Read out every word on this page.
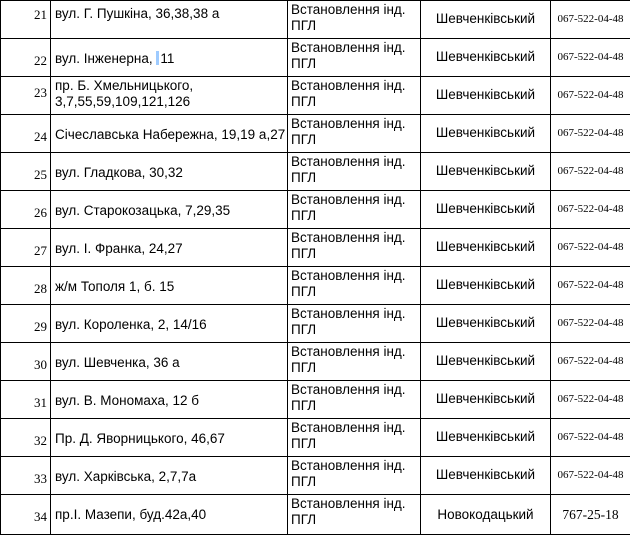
21	вул. Г. Пушкіна, 36,38,38 а	Встановлення інд.
ПГЛ	Шевченківський	067-522-04-48
22	вул. Інженерна, 11	Встановлення інд.
ПГЛ	Шевченківський	067-522-04-48
23	пр. Б. Хмельницького,
3,7,55,59,109,121,126	Встановлення інд.
ПГЛ	Шевченківський	067-522-04-48
24	Січеславська Набережна, 19,19 а,27	Встановлення інд.
ПГЛ	Шевченківський	067-522-04-48
25	вул. Гладкова, 30,32	Встановлення інд.
ПГЛ	Шевченківський	067-522-04-48
26	вул. Старокозацька, 7,29,35	Встановлення інд.
ПГЛ	Шевченківський	067-522-04-48
27	вул. І. Франка, 24,27	Встановлення інд.
ПГЛ	Шевченківський	067-522-04-48
28	ж/м Тополя 1, б. 15	Встановлення інд.
ПГЛ	Шевченківський	067-522-04-48
29	вул. Короленка, 2, 14/16	Встановлення інд.
ПГЛ	Шевченківський	067-522-04-48
30	вул. Шевченка, 36 а	Встановлення інд.
ПГЛ	Шевченківський	067-522-04-48
31	вул. В. Мономаха, 12 б	Встановлення інд.
ПГЛ	Шевченківський	067-522-04-48
32	Пр. Д. Яворницького, 46,67	Встановлення інд.
ПГЛ	Шевченківський	067-522-04-48
33	вул. Харківська, 2,7,7а	Встановлення інд.
ПГЛ	Шевченківський	067-522-04-48
34	пр.І. Мазепи, буд.42а,40	Встановлення інд.
ПГЛ	Новокодацький	767-25-18
